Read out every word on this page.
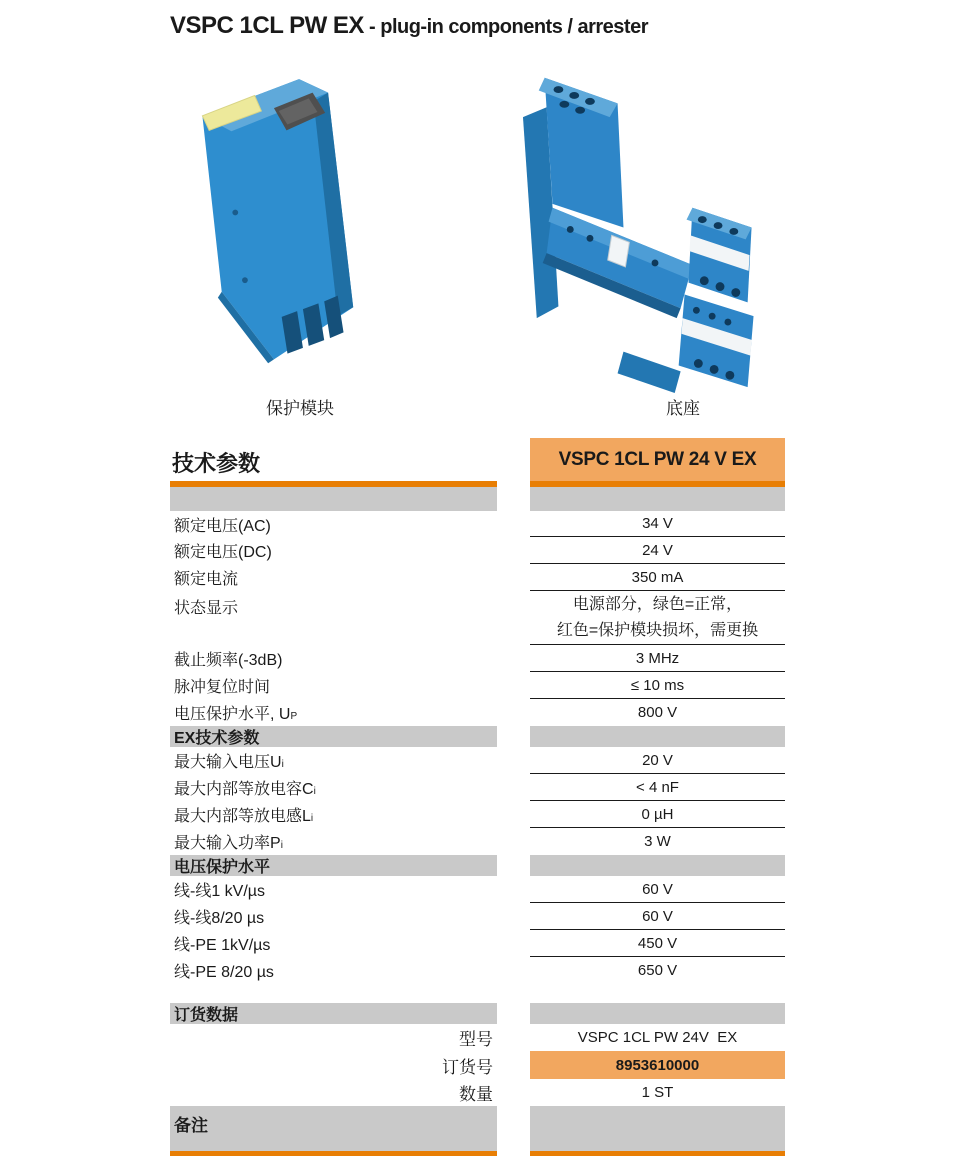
VSPC 1CL PW EX - plug-in components / arrester
保护模块	底座
技术参数	VSPC 1CL PW 24 V EX
额定电压(AC)	34 V
额定电压(DC)	24 V
额定电流	350 mA
状态显示	电源部分，绿色=正常，
红色=保护模块损坏，需更换
截止频率(-3dB)	3 MHz
脉冲复位时间	≤ 10 ms
电压保护水平, $U_P$	800 V
EX技术参数
最大输入电压$U_i$	20 V
最大内部等放电容$C_i$	< 4 nF
最大内部等放电感$L_i$	0 µH
最大输入功率$P_i$	3 W
电压保护水平
线-线1 kV/µs	60 V
线-线8/20 µs	60 V
线-PE 1kV/µs	450 V
线-PE 8/20 µs	650 V
订货数据
型号	VSPC 1CL PW 24V  EX
订货号	8953610000
数量	1 ST
备注
